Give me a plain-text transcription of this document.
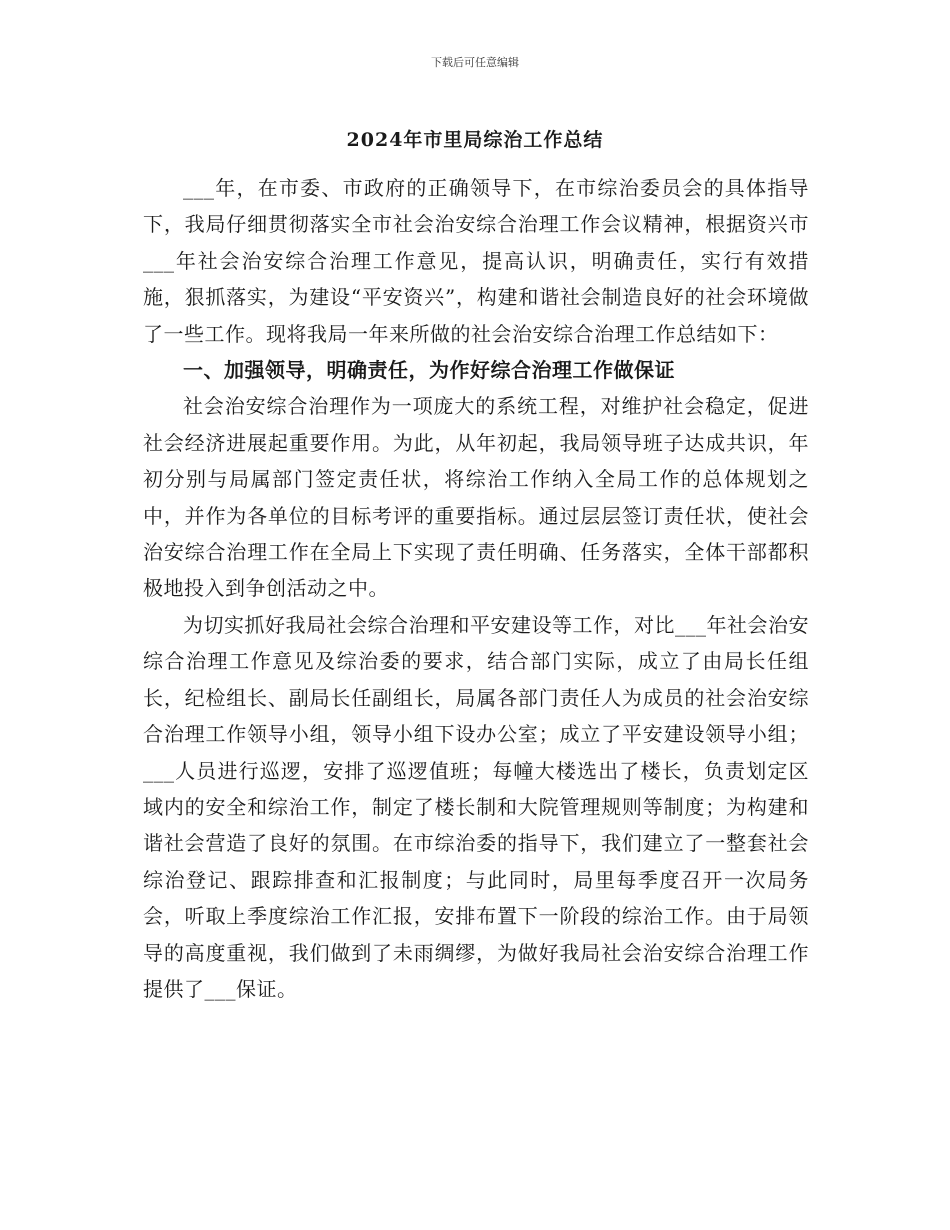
下载后可任意编辑
2024年市里局综治工作总结

___年，在市委、市政府的正确领导下，在市综治委员会的具体指导下，我局仔细贯彻落实全市社会治安综合治理工作会议精神，根据资兴市___年社会治安综合治理工作意见，提高认识，明确责任，实行有效措施，狠抓落实，为建设“平安资兴”，构建和谐社会制造良好的社会环境做了一些工作。现将我局一年来所做的社会治安综合治理工作总结如下：

一、加强领导，明确责任，为作好综合治理工作做保证

社会治安综合治理作为一项庞大的系统工程，对维护社会稳定，促进社会经济进展起重要作用。为此，从年初起，我局领导班子达成共识，年初分别与局属部门签定责任状，将综治工作纳入全局工作的总体规划之中，并作为各单位的目标考评的重要指标。通过层层签订责任状，使社会治安综合治理工作在全局上下实现了责任明确、任务落实，全体干部都积极地投入到争创活动之中。

为切实抓好我局社会综合治理和平安建设等工作，对比___年社会治安综合治理工作意见及综治委的要求，结合部门实际，成立了由局长任组长，纪检组长、副局长任副组长，局属各部门责任人为成员的社会治安综合治理工作领导小组，领导小组下设办公室；成立了平安建设领导小组；___人员进行巡逻，安排了巡逻值班；每幢大楼选出了楼长，负责划定区域内的安全和综治工作，制定了楼长制和大院管理规则等制度；为构建和谐社会营造了良好的氛围。在市综治委的指导下，我们建立了一整套社会综治登记、跟踪排查和汇报制度；与此同时，局里每季度召开一次局务会，听取上季度综治工作汇报，安排布置下一阶段的综治工作。由于局领导的高度重视，我们做到了未雨绸缪，为做好我局社会治安综合治理工作提供了___保证。
